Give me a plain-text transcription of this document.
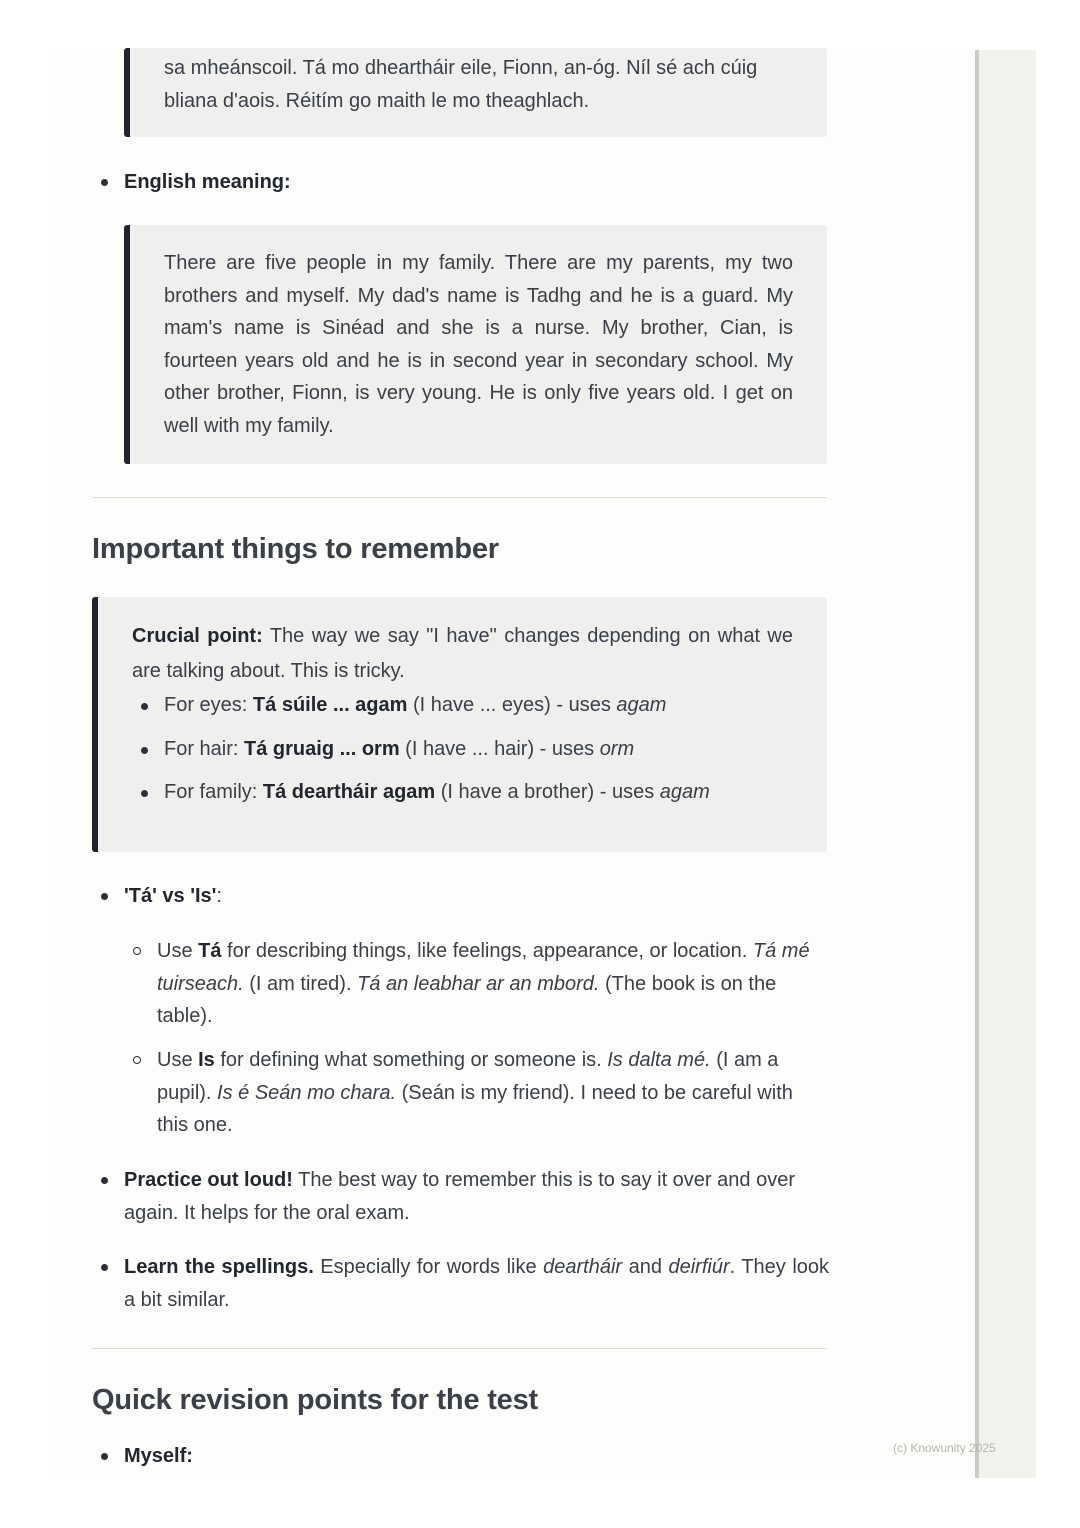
sa mheánscoil. Tá mo dheartháir eile, Fionn, an-óg. Níl sé ach cúig
bliana d'aois. Réitím go maith le mo theaghlach.

English meaning:

There are five people in my family. There are my parents, my two brothers and myself. My dad's name is Tadhg and he is a guard. My mam's name is Sinéad and she is a nurse. My brother, Cian, is fourteen years old and he is in second year in secondary school. My other brother, Fionn, is very young. He is only five years old. I get on well with my family.

Important things to remember

Crucial point: The way we say "I have" changes depending on what we are talking about. This is tricky.

For eyes: Tá súile ... agam (I have ... eyes) - uses agam
For hair: Tá gruaig ... orm (I have ... hair) - uses orm
For family: Tá deartháir agam (I have a brother) - uses agam
'Tá' vs 'Is':
Use Tá for describing things, like feelings, appearance, or location. Tá mé tuirseach. (I am tired). Tá an leabhar ar an mbord. (The book is on the table).
Use Is for defining what something or someone is. Is dalta mé. (I am a pupil). Is é Seán mo chara. (Seán is my friend). I need to be careful with this one.
Practice out loud! The best way to remember this is to say it over and over again. It helps for the oral exam.
Learn the spellings. Especially for words like deartháir and deirfiúr. They look a bit similar.
Quick revision points for the test
Myself:	(c) Knowunity 2025
